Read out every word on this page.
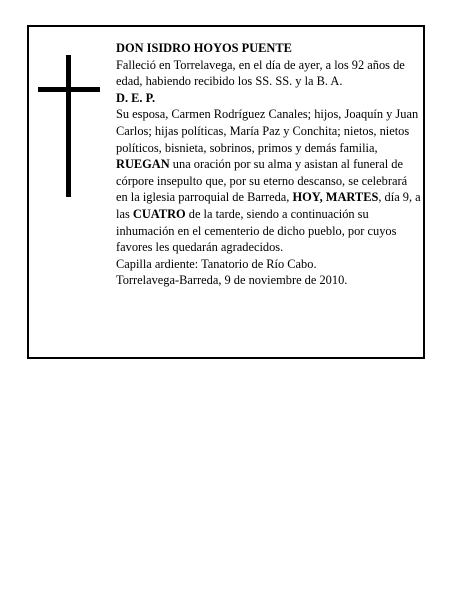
DON ISIDRO HOYOS PUENTE

Falleció en Torrelavega, en el día de ayer, a los 92 años de edad, habiendo recibido los SS. SS. y la B. A.

D. E. P.

Su esposa, Carmen Rodríguez Canales; hijos, Joaquín y Juan Carlos; hijas políticas, María Paz y Conchita; nietos, nietos políticos, bisnieta, sobrinos, primos y demás familia,

RUEGAN una oración por su alma y asistan al funeral de córpore insepulto que, por su eterno descanso, se celebrará en la iglesia parroquial de Barreda, HOY, MARTES, día 9, a las CUATRO de la tarde, siendo a continuación su inhumación en el cementerio de dicho pueblo, por cuyos favores les quedarán agradecidos.

Capilla ardiente: Tanatorio de Río Cabo.

Torrelavega-Barreda, 9 de noviembre de 2010.
